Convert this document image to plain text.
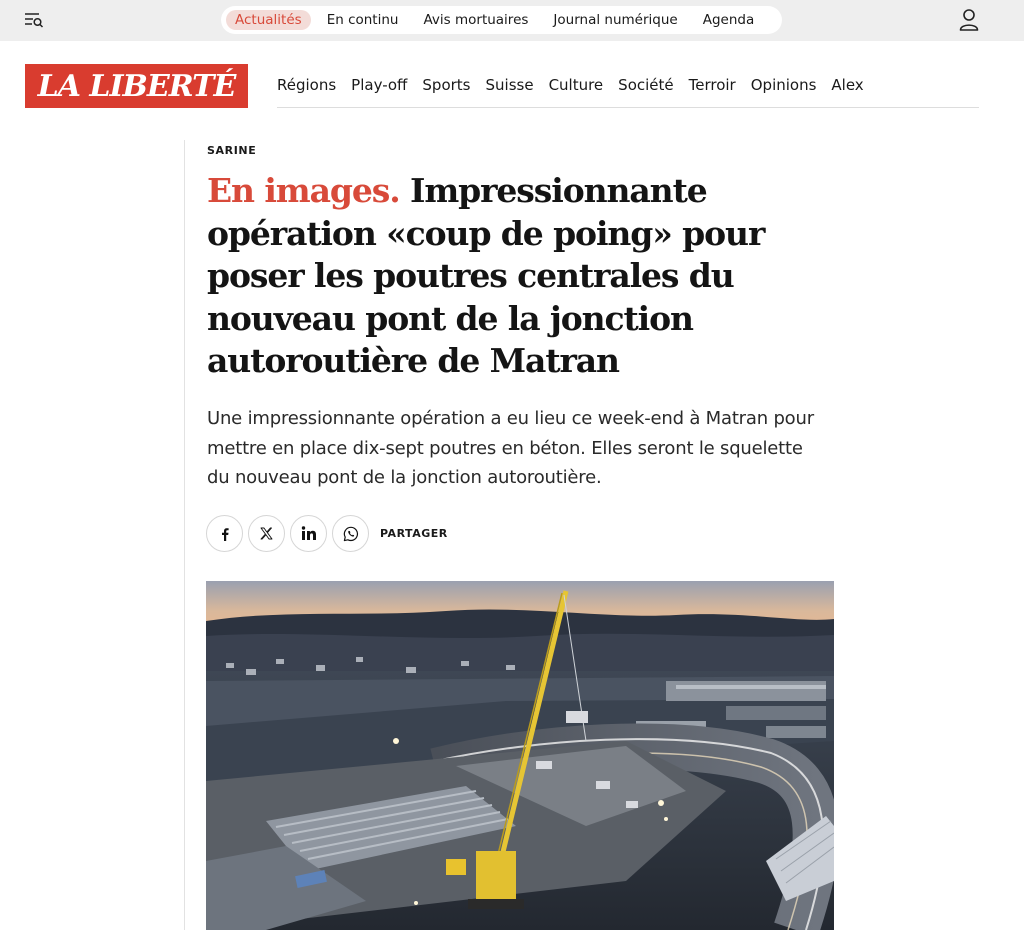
Actualités	En continu	Avis mortuaires	Journal numérique	Agenda
LA LIBERTÉ	Régions Play-off Sports Suisse Culture Société Terroir Opinions Alex
SARINE
En images. Impressionnante opération «coup de poing» pour poser les poutres centrales du nouveau pont de la jonction autoroutière de Matran

Une impressionnante opération a eu lieu ce week-end à Matran pour mettre en place dix-sept poutres en béton. Elles seront le squelette du nouveau pont de la jonction autoroutière.

PARTAGER
